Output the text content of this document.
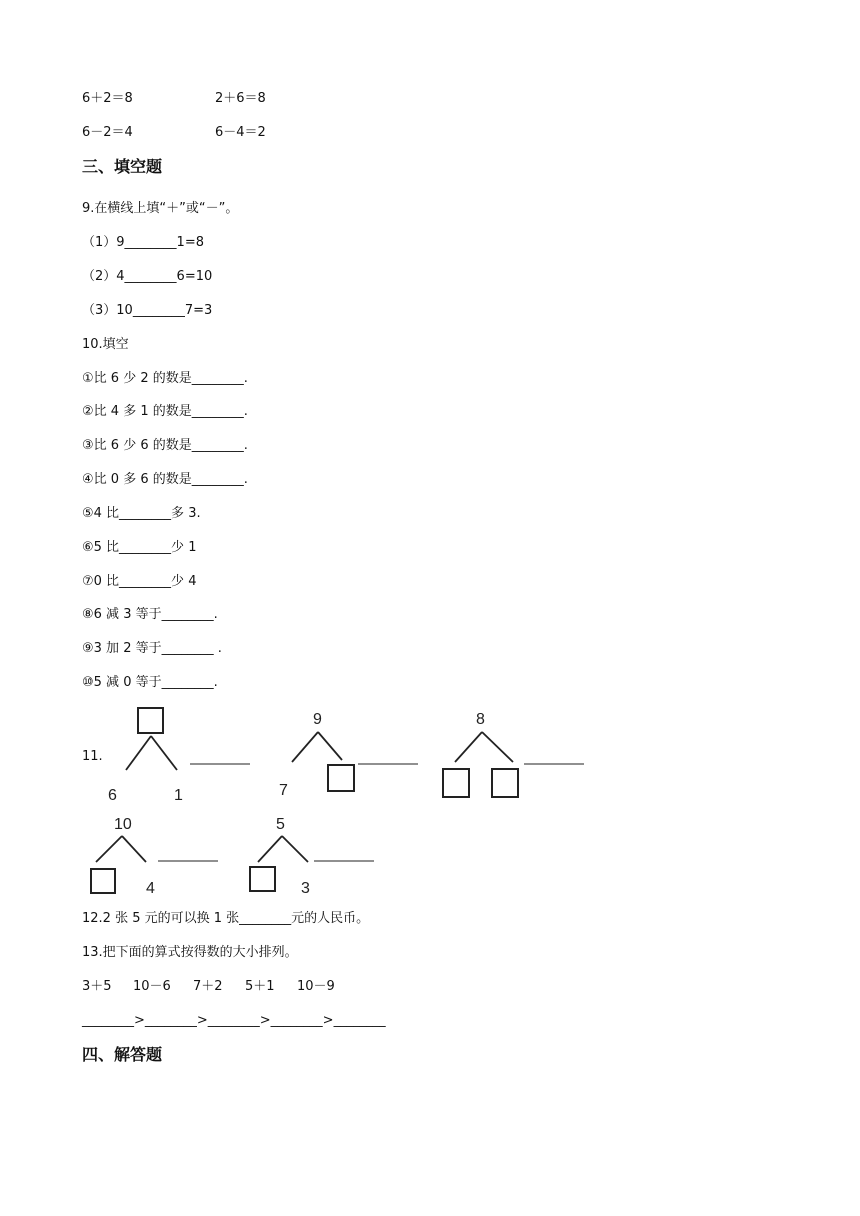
6＋2＝8	2＋6＝8
6－2＝4	6－4＝2
三、填空题
9.在横线上填“＋”或“－”。
（1）9________1=8
（2）4________6=10
（3）10________7=3
10.填空
①比 6 少 2 的数是________.
②比 4 多 1 的数是________.
③比 6 少 6 的数是________.
④比 0 多 6 的数是________.
⑤4 比________多 3.
⑥5 比________少 1
⑦0 比________少 4
⑧6 减 3 等于________.
⑨3 加 2 等于________ .
⑩5 减 0 等于________.
11.
6	1
9
7
8
10
4
5
3
12.2 张 5 元的可以换 1 张________元的人民币。
13.把下面的算式按得数的大小排列。
3＋5 10－6 7＋2 5＋1 10－9
________>________>________>________>________
四、解答题
